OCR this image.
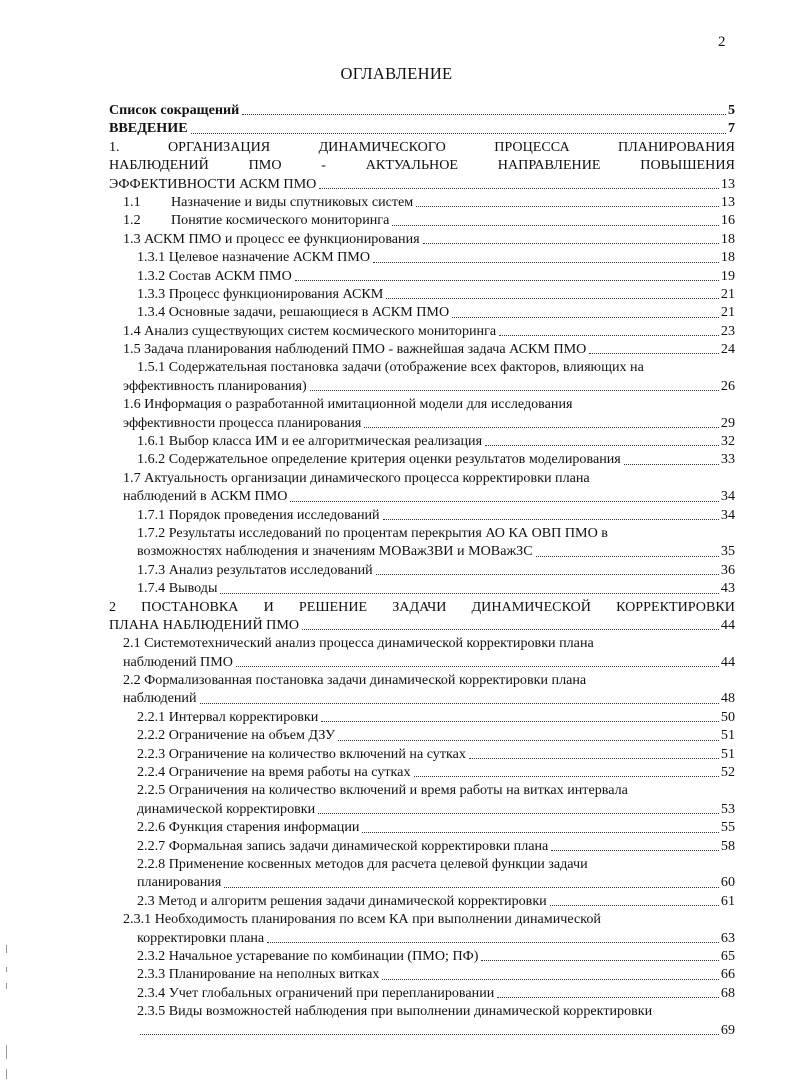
2
ОГЛАВЛЕНИЕ
Список сокращений	5
ВВЕДЕНИЕ	7
1.	ОРГАНИЗАЦИЯ	ДИНАМИЧЕСКОГО	ПРОЦЕССА	ПЛАНИРОВАНИЯ
НАБЛЮДЕНИЙ	ПМО	-	АКТУАЛЬНОЕ	НАПРАВЛЕНИЕ	ПОВЫШЕНИЯ
ЭФФЕКТИВНОСТИ АСКМ ПМО	13
1.1	Назначение и виды спутниковых систем	13
1.2	Понятие космического мониторинга	16
1.3 АСКМ ПМО и процесс ее функционирования	18
1.3.1 Целевое назначение АСКМ ПМО	18
1.3.2 Состав АСКМ ПМО	19
1.3.3 Процесс функционирования АСКМ	21
1.3.4 Основные задачи, решающиеся в АСКМ ПМО	21
1.4 Анализ существующих систем космического мониторинга	23
1.5 Задача планирования наблюдений ПМО - важнейшая задача АСКМ ПМО	24
1.5.1 Содержательная постановка задачи (отображение всех факторов, влияющих на
эффективность планирования)	26
1.6 Информация о разработанной имитационной модели для исследования
эффективности процесса планирования	29
1.6.1 Выбор класса ИМ и ее алгоритмическая реализация	32
1.6.2 Содержательное определение критерия оценки результатов моделирования	33
1.7 Актуальность организации динамического процесса корректировки плана
наблюдений в АСКМ ПМО	34
1.7.1 Порядок проведения исследований	34
1.7.2 Результаты исследований по процентам перекрытия АО КА ОВП ПМО в
возможностях наблюдения и значениям МОВажЗВИ и МОВажЗС	35
1.7.3 Анализ результатов исследований	36
1.7.4 Выводы	43
2 ПОСТАНОВКА И РЕШЕНИЕ ЗАДАЧИ ДИНАМИЧЕСКОЙ КОРРЕКТИРОВКИ
ПЛАНА НАБЛЮДЕНИЙ ПМО	44
2.1 Системотехнический анализ процесса динамической корректировки плана
наблюдений ПМО	44
2.2 Формализованная постановка задачи динамической корректировки плана
наблюдений	48
2.2.1 Интервал корректировки	50
2.2.2 Ограничение на объем ДЗУ	51
2.2.3 Ограничение на количество включений на сутках	51
2.2.4 Ограничение на время работы на сутках	52
2.2.5 Ограничения на количество включений и время работы на витках интервала
динамической корректировки	53
2.2.6 Функция старения информации	55
2.2.7 Формальная запись задачи динамической корректировки плана	58
2.2.8 Применение косвенных методов для расчета целевой функции задачи
планирования	60
2.3 Метод и алгоритм решения задачи динамической корректировки	61
2.3.1 Необходимость планирования по всем КА при выполнении динамической
корректировки плана	63
2.3.2 Начальное устаревание по комбинации (ПМО; ПФ)	65
2.3.3 Планирование на неполных витках	66
2.3.4 Учет глобальных ограничений при перепланировании	68
2.3.5 Виды возможностей наблюдения при выполнении динамической корректировки
69
